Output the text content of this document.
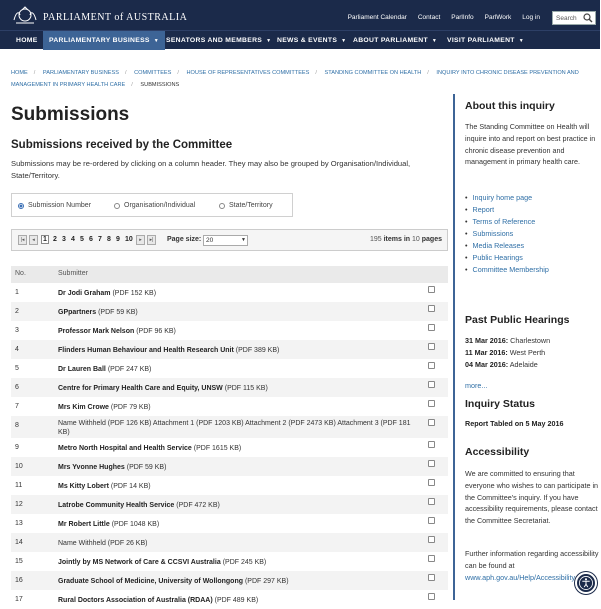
PARLIAMENT of AUSTRALIA	Parliament Calendar Contact ParlInfo ParlWork Log in Search
HOME	PARLIAMENTARY BUSINESS ▼	SENATORS AND MEMBERS ▼ NEWS & EVENTS ▼ ABOUT PARLIAMENT ▼ VISIT PARLIAMENT ▼
HOME / PARLIAMENTARY BUSINESS / COMMITTEES / HOUSE OF REPRESENTATIVES COMMITTEES / STANDING COMMITTEE ON HEALTH / INQUIRY INTO CHRONIC DISEASE PREVENTION AND MANAGEMENT IN PRIMARY HEALTH CARE / SUBMISSIONS
Submissions
Submissions received by the Committee
Submissions may be re-ordered by clicking on a column header. They may also be grouped by Organisation/Individual, State/Territory.
Submission Number	Organisation/Individual	State/Territory
|◂	◂	1 2 3 4 5 6 7 8 9 10	▸	▸|	Page size: 20	▼	195 items in 10 pages
No.	Submitter
1	Dr Jodi Graham (PDF 152 KB)
2	GPpartners (PDF 59 KB)
3	Professor Mark Nelson (PDF 96 KB)
4	Flinders Human Behaviour and Health Research Unit (PDF 389 KB)
5	Dr Lauren Ball (PDF 247 KB)
6	Centre for Primary Health Care and Equity, UNSW (PDF 115 KB)
7	Mrs Kim Crowe (PDF 79 KB)
8	Name Withheld (PDF 126 KB) Attachment 1 (PDF 1203 KB) Attachment 2 (PDF 2473 KB) Attachment 3 (PDF 181 KB)
9	Metro North Hospital and Health Service (PDF 1615 KB)
10	Mrs Yvonne Hughes (PDF 59 KB)
11	Ms Kitty Lobert (PDF 14 KB)
12	Latrobe Community Health Service (PDF 472 KB)
13	Mr Robert Little (PDF 1048 KB)
14	Name Withheld (PDF 26 KB)
15	Jointly by MS Network of Care & CCSVI Australia (PDF 245 KB)
16	Graduate School of Medicine, University of Wollongong (PDF 297 KB)
17	Rural Doctors Association of Australia (RDAA) (PDF 489 KB)
About this inquiry
The Standing Committee on Health will inquire into and report on best practice in chronic disease prevention and management in primary health care.
• Inquiry home page
• Report
• Terms of Reference
• Submissions
• Media Releases
• Public Hearings
• Committee Membership
Past Public Hearings
31 Mar 2016: Charlestown
11 Mar 2016: West Perth
04 Mar 2016: Adelaide
more...
Inquiry Status
Report Tabled on 5 May 2016
Accessibility
We are committed to ensuring that everyone who wishes to can participate in the Committee's inquiry. If you have accessibility requirements, please contact the Committee Secretariat.
Further information regarding accessibility can be found at www.aph.gov.au/Help/Accessibility
